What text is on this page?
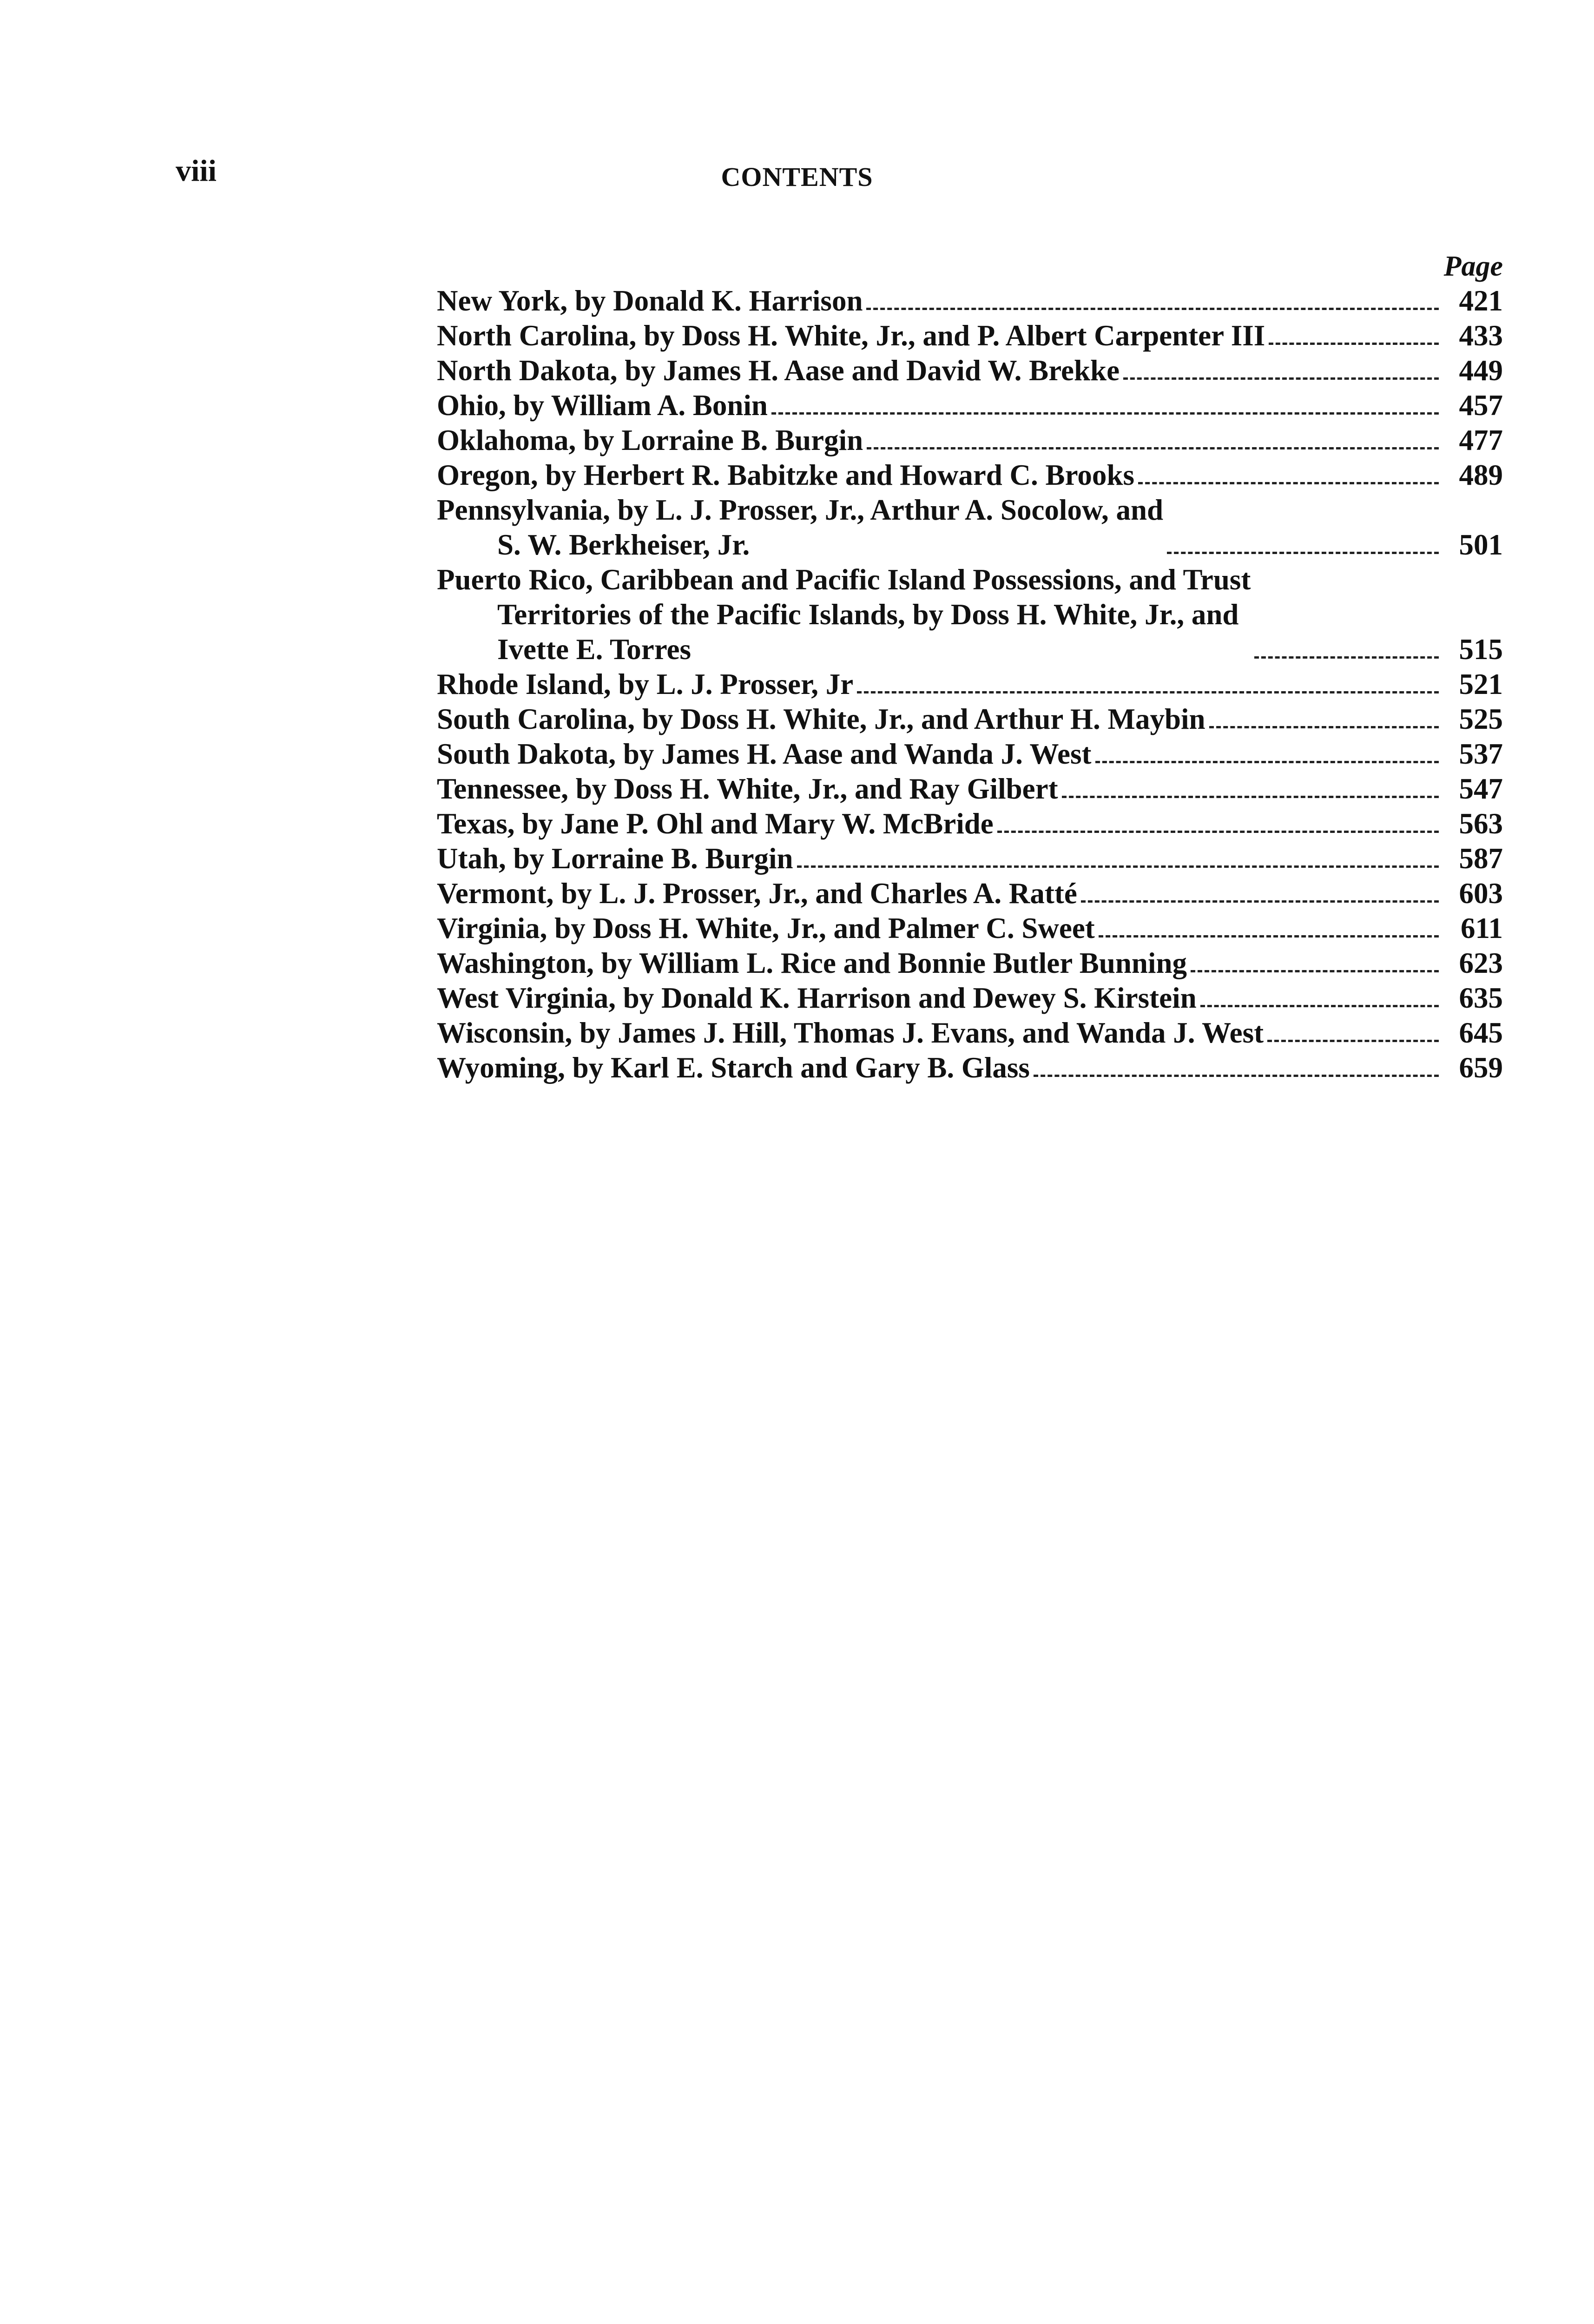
viii	CONTENTS
Page
New York, by Donald K. Harrison	421
North Carolina, by Doss H. White, Jr., and P. Albert Carpenter III	433
North Dakota, by James H. Aase and David W. Brekke	449
Ohio, by William A. Bonin	457
Oklahoma, by Lorraine B. Burgin	477
Oregon, by Herbert R. Babitzke and Howard C. Brooks	489
Pennsylvania, by L. J. Prosser, Jr., Arthur A. Socolow, and
S. W. Berkheiser, Jr.	501
Puerto Rico, Caribbean and Pacific Island Possessions, and Trust
Territories of the Pacific Islands, by Doss H. White, Jr., and
Ivette E. Torres	515
Rhode Island, by L. J. Prosser, Jr	521
South Carolina, by Doss H. White, Jr., and Arthur H. Maybin	525
South Dakota, by James H. Aase and Wanda J. West	537
Tennessee, by Doss H. White, Jr., and Ray Gilbert	547
Texas, by Jane P. Ohl and Mary W. McBride	563
Utah, by Lorraine B. Burgin	587
Vermont, by L. J. Prosser, Jr., and Charles A. Ratté	603
Virginia, by Doss H. White, Jr., and Palmer C. Sweet	611
Washington, by William L. Rice and Bonnie Butler Bunning	623
West Virginia, by Donald K. Harrison and Dewey S. Kirstein	635
Wisconsin, by James J. Hill, Thomas J. Evans, and Wanda J. West	645
Wyoming, by Karl E. Starch and Gary B. Glass	659
